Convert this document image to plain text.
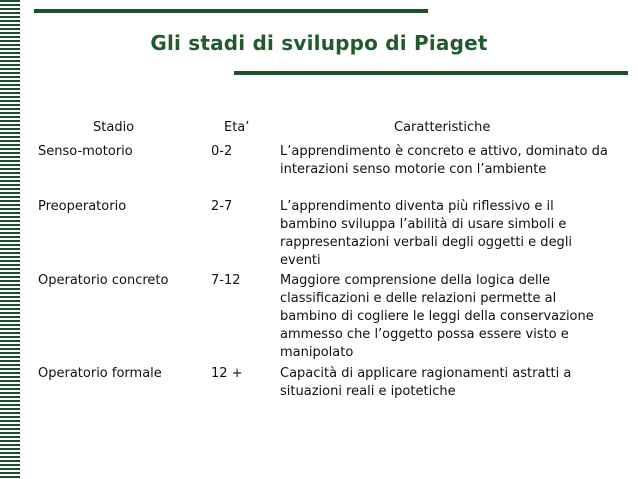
Gli stadi di sviluppo di Piaget
Stadio	Eta’	Caratteristiche
Senso-motorio	0-2	L’apprendimento è concreto e attivo, dominato da interazioni senso motorie con l’ambiente
Preoperatorio	2-7	L’apprendimento diventa più riflessivo e il bambino sviluppa l’abilità di usare simboli e rappresentazioni verbali degli oggetti e degli eventi
Operatorio concreto	7-12	Maggiore comprensione della logica delle classificazioni e delle relazioni permette al bambino di cogliere le leggi della conservazione ammesso che l’oggetto possa essere visto e manipolato
Operatorio formale	12 +	Capacità di applicare ragionamenti astratti a situazioni reali e ipotetiche
